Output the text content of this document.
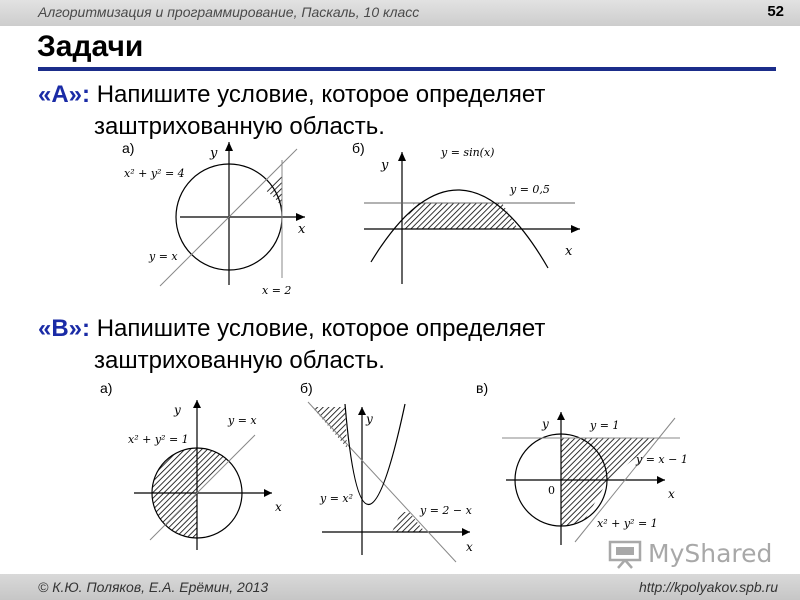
Алгоритмизация и программирование, Паскаль, 10 класс	52
Задачи
«A»: Напишите условие, которое определяет
заштрихованную область.
а)	y
x
x² + y² = 4
y = x
x = 2
б)
y
x
y = sin(x)
y = 0,5
«B»: Напишите условие, которое определяет
заштрихованную область.
а)
y
x
y = x
x² + y² = 1
б)
y
x
y = x²
y = 2 − x
в)
y
x
0
y = 1
y = x − 1
x² + y² = 1
MyShared
© К.Ю. Поляков, Е.А. Ерёмин, 2013	http://kpolyakov.spb.ru
